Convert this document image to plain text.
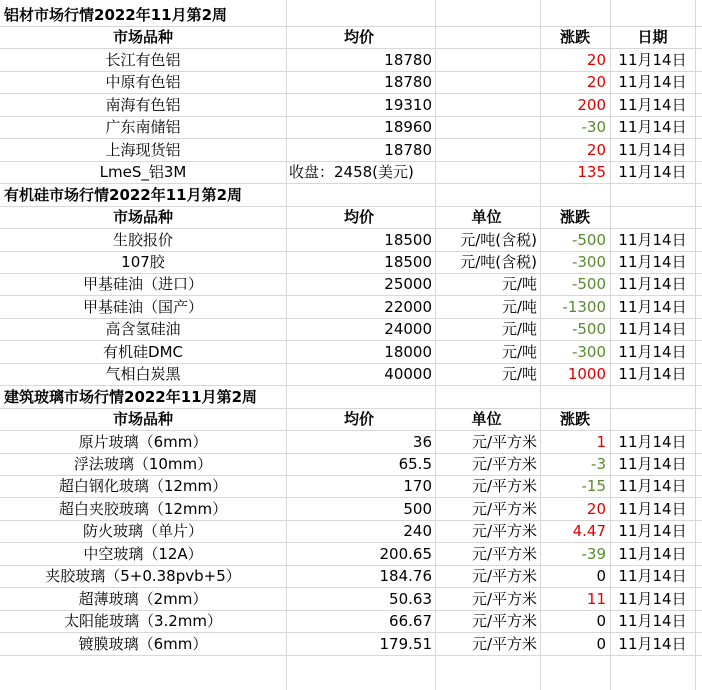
铝材市场行情2022年11月第2周
市场品种	均价	涨跌	日期
长江有色铝	18780	20 11月14日
中原有色铝	18780	20 11月14日
南海有色铝	19310	200 11月14日
广东南储铝	18960	-30 11月14日
上海现货铝	18780	20 11月14日
LmeS_铝3M	收盘：2458(美元)	135 11月14日
有机硅市场行情2022年11月第2周
市场品种	均价	单位	涨跌
生胶报价	18500	元/吨(含税)	-500 11月14日
107胶	18500	元/吨(含税)	-300 11月14日
甲基硅油（进口）	25000	元/吨	-500 11月14日
甲基硅油（国产）	22000	元/吨	-1300 11月14日
高含氢硅油	24000	元/吨	-500 11月14日
有机硅DMC	18000	元/吨	-300 11月14日
气相白炭黑	40000	元/吨	1000 11月14日
建筑玻璃市场行情2022年11月第2周
市场品种	均价	单位	涨跌
原片玻璃（6mm）	36	元/平方米	1 11月14日
浮法玻璃（10mm）	65.5	元/平方米	-3 11月14日
超白钢化玻璃（12mm）	170	元/平方米	-15 11月14日
超白夹胶玻璃（12mm）	500	元/平方米	20 11月14日
防火玻璃（单片）	240	元/平方米	4.47 11月14日
中空玻璃（12A）	200.65	元/平方米	-39 11月14日
夹胶玻璃（5+0.38pvb+5）	184.76	元/平方米	0 11月14日
超薄玻璃（2mm）	50.63	元/平方米	11 11月14日
太阳能玻璃（3.2mm）	66.67	元/平方米	0 11月14日
镀膜玻璃（6mm）	179.51	元/平方米	0 11月14日
